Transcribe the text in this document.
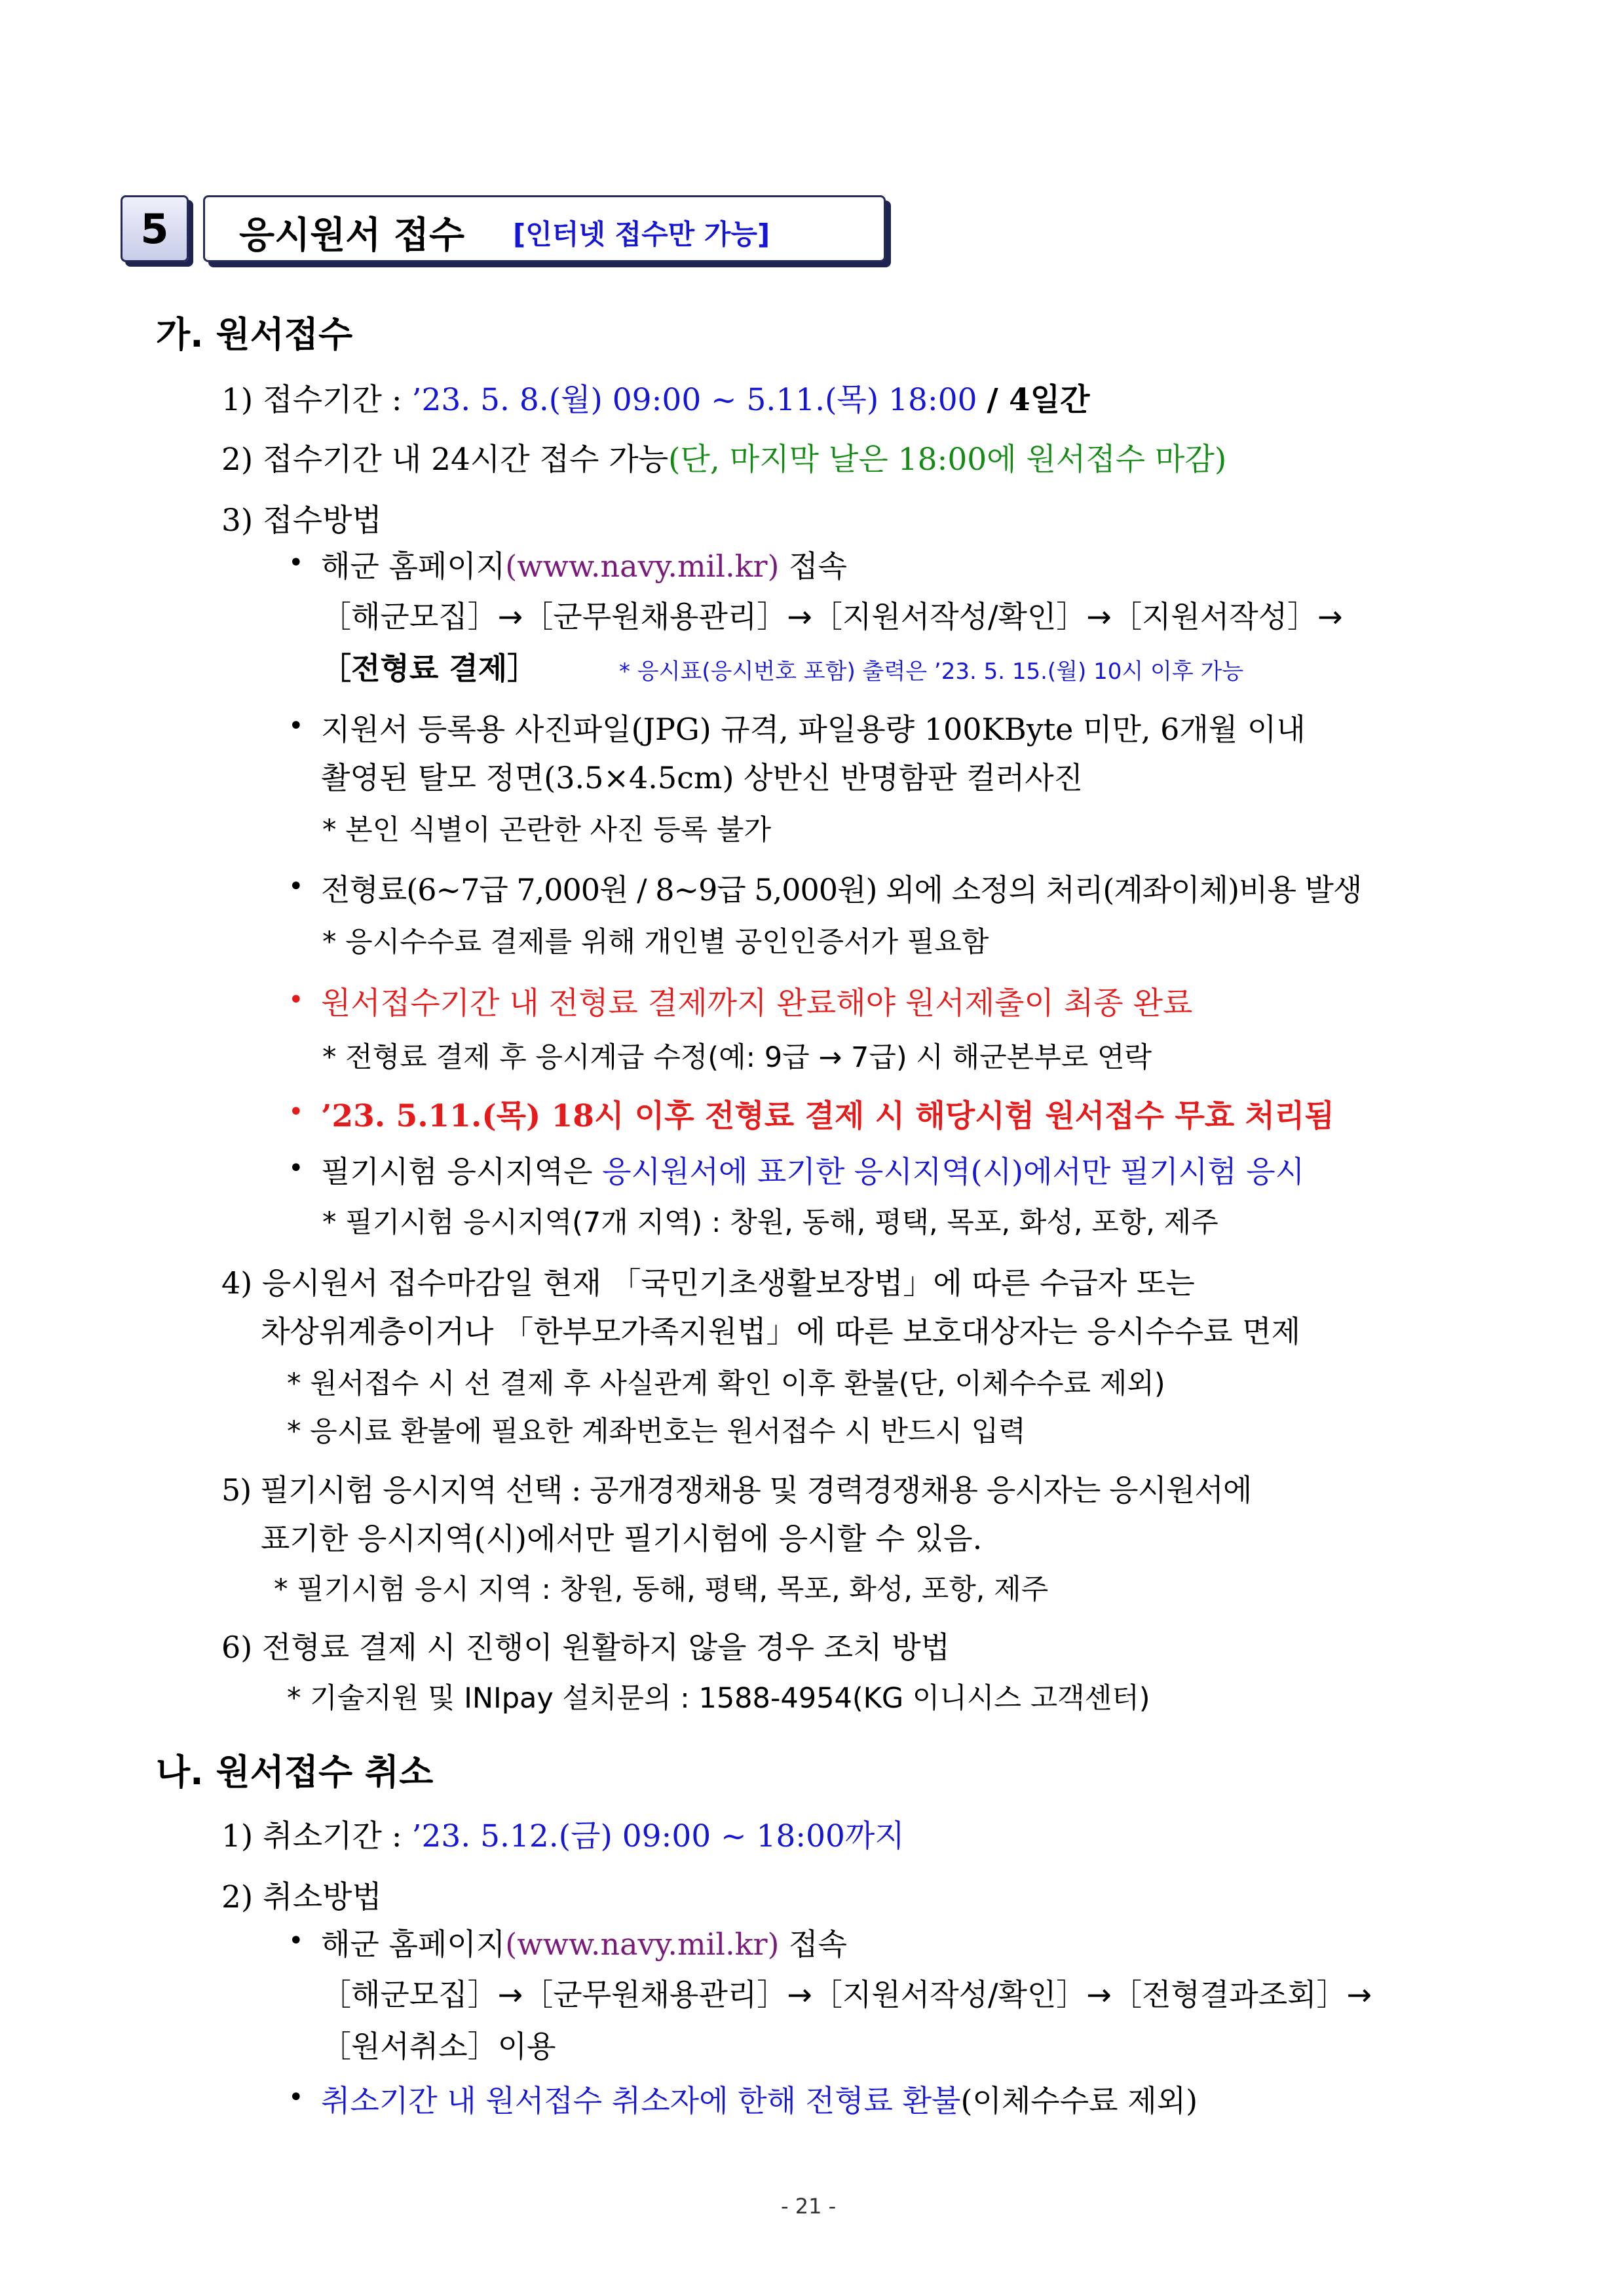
5 응시원서 접수 [인터넷 접수만 가능]
가. 원서접수
1) 접수기간 : ’23. 5. 8.(월) 09:00 ~ 5.11.(목) 18:00 / 4일간
2) 접수기간 내 24시간 접수 가능(단, 마지막 날은 18:00에 원서접수 마감)
3) 접수방법
• 해군 홈페이지(www.navy.mil.kr) 접속
［해군모집］→［군무원채용관리］→［지원서작성/확인］→［지원서작성］→
［전형료 결제］	* 응시표(응시번호 포함) 출력은 ’23. 5. 15.(월) 10시 이후 가능
• 지원서 등록용 사진파일(JPG) 규격, 파일용량 100KByte 미만, 6개월 이내
촬영된 탈모 정면(3.5×4.5cm) 상반신 반명함판 컬러사진
* 본인 식별이 곤란한 사진 등록 불가
• 전형료(6~7급 7,000원 / 8~9급 5,000원) 외에 소정의 처리(계좌이체)비용 발생
* 응시수수료 결제를 위해 개인별 공인인증서가 필요함
• 원서접수기간 내 전형료 결제까지 완료해야 원서제출이 최종 완료
* 전형료 결제 후 응시계급 수정(예: 9급 → 7급) 시 해군본부로 연락
• ’23. 5.11.(목) 18시 이후 전형료 결제 시 해당시험 원서접수 무효 처리됨
• 필기시험 응시지역은 응시원서에 표기한 응시지역(시)에서만 필기시험 응시
* 필기시험 응시지역(7개 지역) : 창원, 동해, 평택, 목포, 화성, 포항, 제주
4) 응시원서 접수마감일 현재 「국민기초생활보장법」에 따른 수급자 또는
차상위계층이거나 「한부모가족지원법」에 따른 보호대상자는 응시수수료 면제
* 원서접수 시 선 결제 후 사실관계 확인 이후 환불(단, 이체수수료 제외)
* 응시료 환불에 필요한 계좌번호는 원서접수 시 반드시 입력
5) 필기시험 응시지역 선택 : 공개경쟁채용 및 경력경쟁채용 응시자는 응시원서에
표기한 응시지역(시)에서만 필기시험에 응시할 수 있음.
* 필기시험 응시 지역 : 창원, 동해, 평택, 목포, 화성, 포항, 제주
6) 전형료 결제 시 진행이 원활하지 않을 경우 조치 방법
* 기술지원 및 INIpay 설치문의 : 1588-4954(KG 이니시스 고객센터)
나. 원서접수 취소
1) 취소기간 : ’23. 5.12.(금) 09:00 ~ 18:00까지
2) 취소방법
• 해군 홈페이지(www.navy.mil.kr) 접속
［해군모집］→［군무원채용관리］→［지원서작성/확인］→［전형결과조회］→
［원서취소］이용
• 취소기간 내 원서접수 취소자에 한해 전형료 환불(이체수수료 제외)
- 21 -
